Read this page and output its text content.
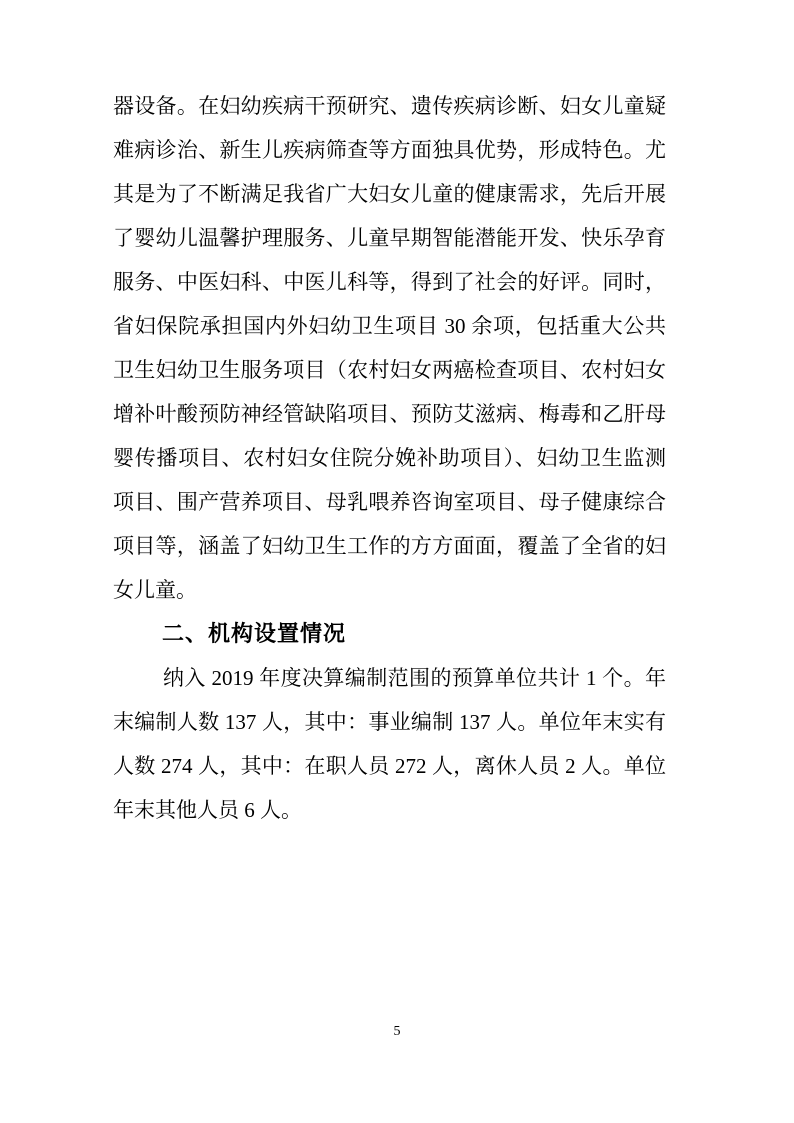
器设备。在妇幼疾病干预研究、遗传疾病诊断、妇女儿童疑
难病诊治、新生儿疾病筛查等方面独具优势，形成特色。尤
其是为了不断满足我省广大妇女儿童的健康需求，先后开展
了婴幼儿温馨护理服务、儿童早期智能潜能开发、快乐孕育
服务、中医妇科、中医儿科等，得到了社会的好评。同时，
省妇保院承担国内外妇幼卫生项目 30 余项，包括重大公共
卫生妇幼卫生服务项目（农村妇女两癌检查项目、农村妇女
增补叶酸预防神经管缺陷项目、预防艾滋病、梅毒和乙肝母
婴传播项目、农村妇女住院分娩补助项目）、妇幼卫生监测
项目、围产营养项目、母乳喂养咨询室项目、母子健康综合
项目等，涵盖了妇幼卫生工作的方方面面，覆盖了全省的妇
女儿童。
二、机构设置情况
纳入 2019 年度决算编制范围的预算单位共计 1 个。年
末编制人数 137 人，其中：事业编制 137 人。单位年末实有
人数 274 人，其中：在职人员 272 人，离休人员 2 人。单位
年末其他人员 6 人。
5
